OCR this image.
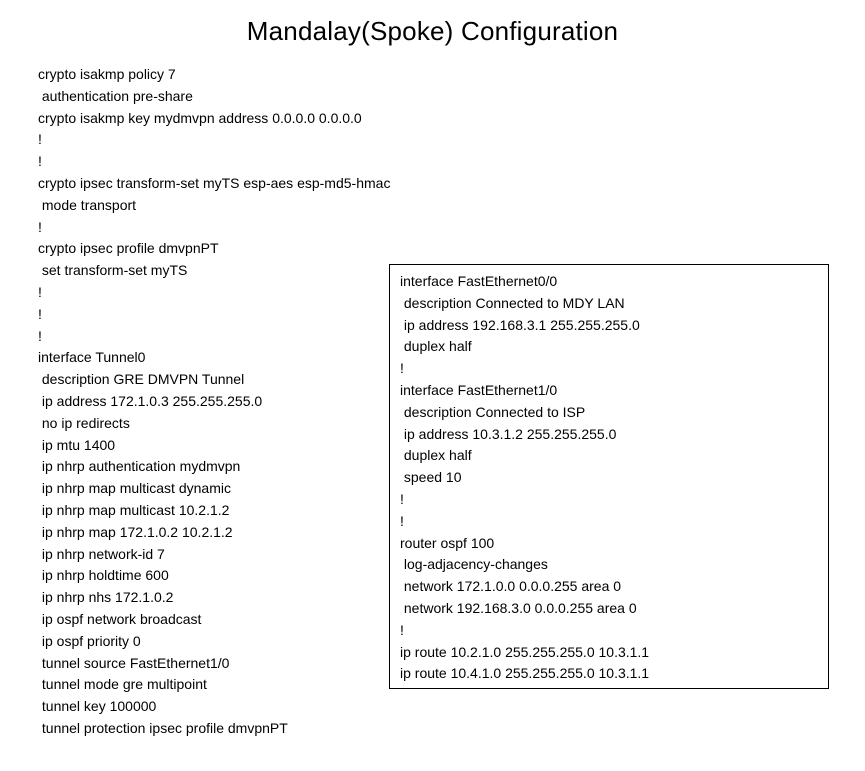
Mandalay(Spoke) Configuration
crypto isakmp policy 7
authentication pre-share
crypto isakmp key mydmvpn address 0.0.0.0 0.0.0.0
!
!
crypto ipsec transform-set myTS esp-aes esp-md5-hmac
mode transport
!
crypto ipsec profile dmvpnPT
set transform-set myTS
!
!
!
interface Tunnel0
description GRE DMVPN Tunnel
ip address 172.1.0.3 255.255.255.0
no ip redirects
ip mtu 1400
ip nhrp authentication mydmvpn
ip nhrp map multicast dynamic
ip nhrp map multicast 10.2.1.2
ip nhrp map 172.1.0.2 10.2.1.2
ip nhrp network-id 7
ip nhrp holdtime 600
ip nhrp nhs 172.1.0.2
ip ospf network broadcast
ip ospf priority 0
tunnel source FastEthernet1/0
tunnel mode gre multipoint
tunnel key 100000
tunnel protection ipsec profile dmvpnPT
interface FastEthernet0/0
description Connected to MDY LAN
ip address 192.168.3.1 255.255.255.0
duplex half
!
interface FastEthernet1/0
description Connected to ISP
ip address 10.3.1.2 255.255.255.0
duplex half
speed 10
!
!
router ospf 100
log-adjacency-changes
network 172.1.0.0 0.0.0.255 area 0
network 192.168.3.0 0.0.0.255 area 0
!
ip route 10.2.1.0 255.255.255.0 10.3.1.1
ip route 10.4.1.0 255.255.255.0 10.3.1.1
